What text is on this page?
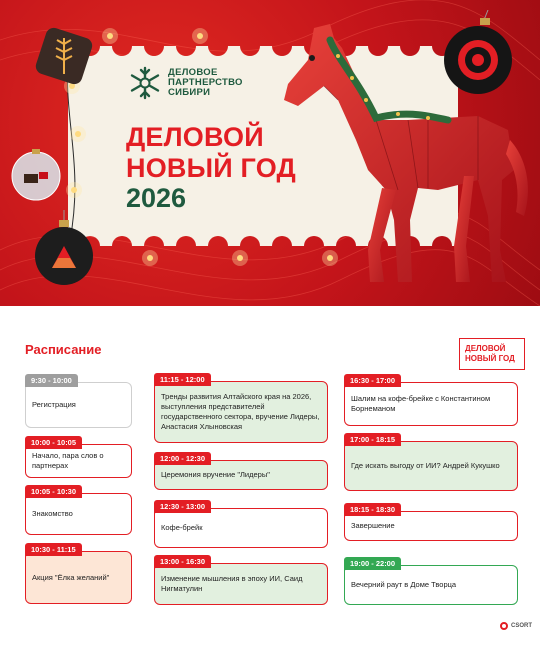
ДЕЛОВОЕ
ПАРТНЕРСТВО
СИБИРИ
ДЕЛОВОЙ
НОВЫЙ ГОД
2026
Расписание	ДЕЛОВОЙ
НОВЫЙ ГОД
9:30 - 10:00
Регистрация
10:00 - 10:05
Начало, пара слов о партнерах
10:05 - 10:30
Знакомство
10:30 - 11:15
Акция "Ёлка желаний"
11:15 - 12:00
Тренды развития Алтайского края на 2026, выступления представителей государственного сектора, вручение Лидеры, Анастасия Хлыновская
12:00 - 12:30
Церемония вручение "Лидеры"
12:30 - 13:00
Кофе-брейк
13:00 - 16:30
Изменение мышления в эпоху ИИ, Саид Нигматулин
16:30 - 17:00
Шалим на кофе-брейке с Константином Борнеманом
17:00 - 18:15
Где искать выгоду от ИИ? Андрей Кукушко
18:15 - 18:30
Завершение
19:00 - 22:00
Вечерний раут в Доме Творца
CSORT
